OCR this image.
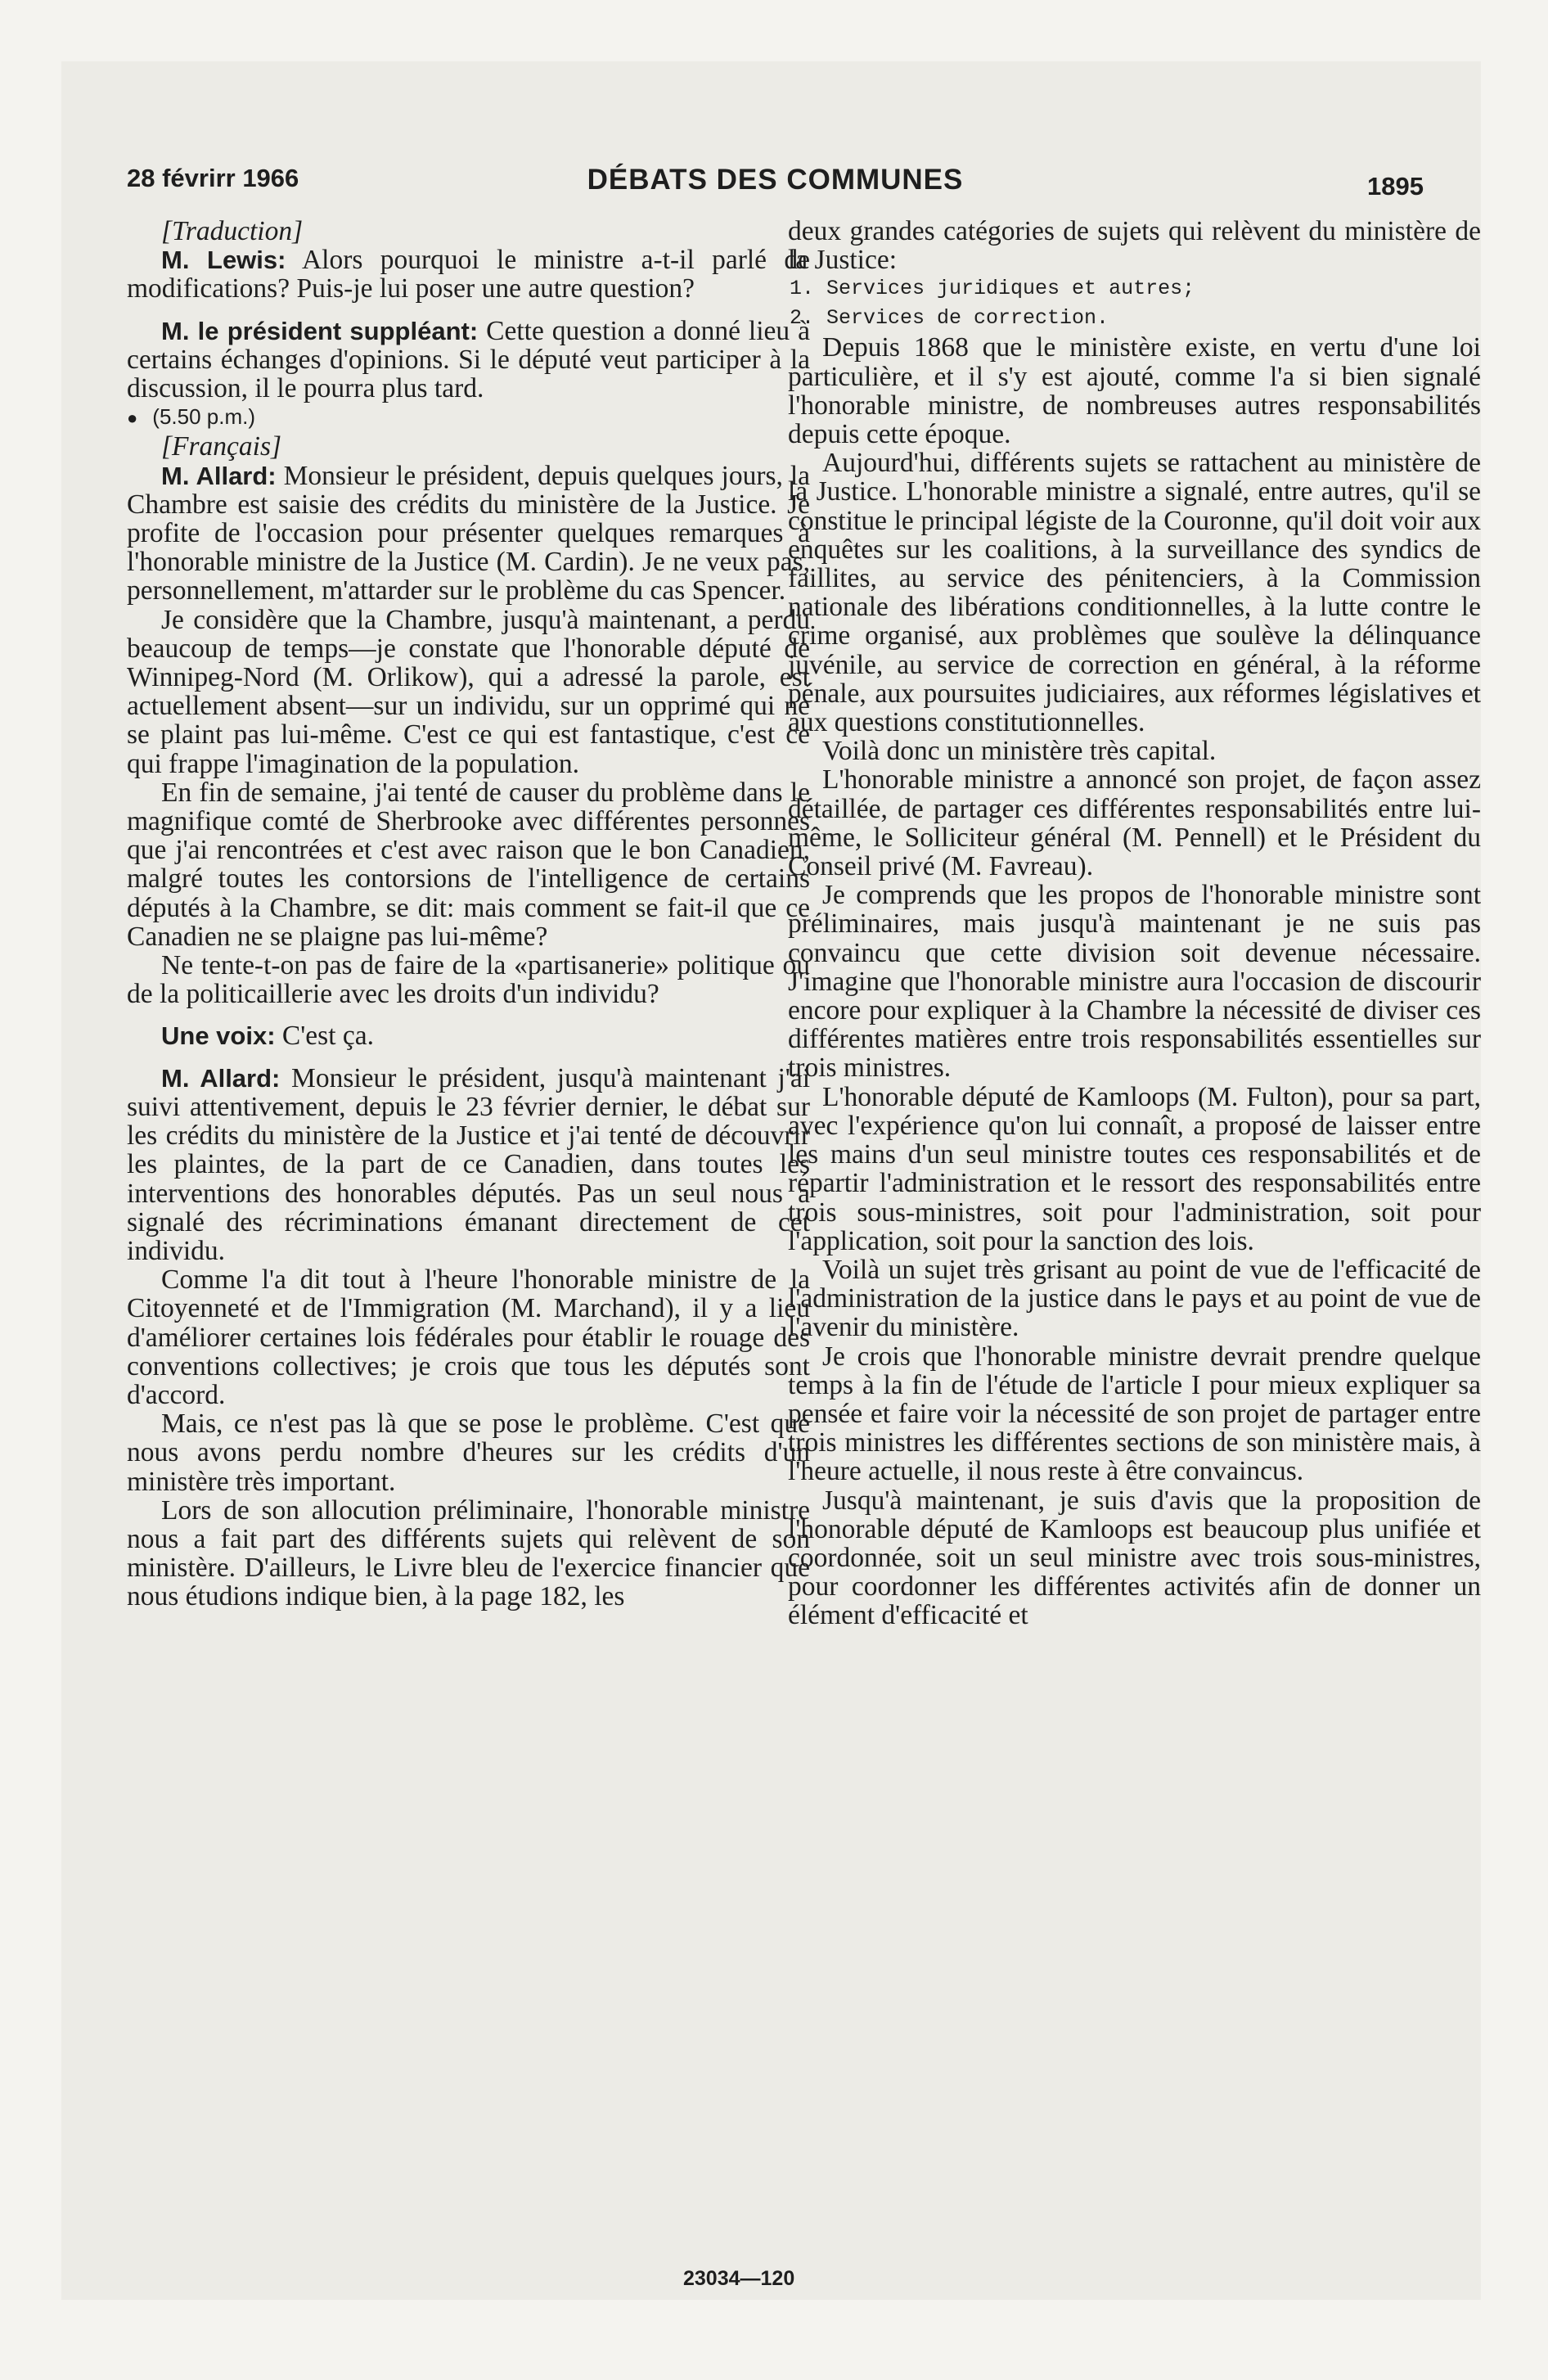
28 févrirr 1966	DÉBATS DES COMMUNES	1895

[Traduction]

M. Lewis: Alors pourquoi le ministre a-t-il parlé de modifications? Puis-je lui poser une autre question?

M. le président suppléant: Cette question a donné lieu à certains échanges d'opinions. Si le député veut participer à la discussion, il le pourra plus tard.

● (5.50 p.m.)

[Français]

M. Allard: Monsieur le président, depuis quelques jours, la Chambre est saisie des crédits du ministère de la Justice. Je profite de l'occasion pour présenter quelques remarques à l'honorable ministre de la Justice (M. Cardin). Je ne veux pas, personnellement, m'attarder sur le problème du cas Spencer.

Je considère que la Chambre, jusqu'à maintenant, a perdu beaucoup de temps—je constate que l'honorable député de Winnipeg-Nord (M. Orlikow), qui a adressé la parole, est actuellement absent—sur un individu, sur un opprimé qui ne se plaint pas lui-même. C'est ce qui est fantastique, c'est ce qui frappe l'imagination de la population.

En fin de semaine, j'ai tenté de causer du problème dans le magnifique comté de Sherbrooke avec différentes personnes que j'ai rencontrées et c'est avec raison que le bon Canadien, malgré toutes les contorsions de l'intelligence de certains députés à la Chambre, se dit: mais comment se fait-il que ce Canadien ne se plaigne pas lui-même?

Ne tente-t-on pas de faire de la «partisanerie» politique ou de la politicaillerie avec les droits d'un individu?

Une voix: C'est ça.

M. Allard: Monsieur le président, jusqu'à maintenant j'ai suivi attentivement, depuis le 23 février dernier, le débat sur les crédits du ministère de la Justice et j'ai tenté de découvrir les plaintes, de la part de ce Canadien, dans toutes les interventions des honorables députés. Pas un seul nous a signalé des récriminations émanant directement de cet individu.

Comme l'a dit tout à l'heure l'honorable ministre de la Citoyenneté et de l'Immigration (M. Marchand), il y a lieu d'améliorer certaines lois fédérales pour établir le rouage des conventions collectives; je crois que tous les députés sont d'accord.

Mais, ce n'est pas là que se pose le problème. C'est que nous avons perdu nombre d'heures sur les crédits d'un ministère très important.

Lors de son allocution préliminaire, l'honorable ministre nous a fait part des différents sujets qui relèvent de son ministère. D'ailleurs, le Livre bleu de l'exercice financier que nous étudions indique bien, à la page 182, les

deux grandes catégories de sujets qui relèvent du ministère de la Justice:

1. Services juridiques et autres;

2. Services de correction.

Depuis 1868 que le ministère existe, en vertu d'une loi particulière, et il s'y est ajouté, comme l'a si bien signalé l'honorable ministre, de nombreuses autres responsabilités depuis cette époque.

Aujourd'hui, différents sujets se rattachent au ministère de la Justice. L'honorable ministre a signalé, entre autres, qu'il se constitue le principal légiste de la Couronne, qu'il doit voir aux enquêtes sur les coalitions, à la surveillance des syndics de faillites, au service des pénitenciers, à la Commission nationale des libérations conditionnelles, à la lutte contre le crime organisé, aux problèmes que soulève la délinquance juvénile, au service de correction en général, à la réforme pénale, aux poursuites judiciaires, aux réformes législatives et aux questions constitutionnelles.

Voilà donc un ministère très capital.

L'honorable ministre a annoncé son projet, de façon assez détaillée, de partager ces différentes responsabilités entre lui-même, le Solliciteur général (M. Pennell) et le Président du Conseil privé (M. Favreau).

Je comprends que les propos de l'honorable ministre sont préliminaires, mais jusqu'à maintenant je ne suis pas convaincu que cette division soit devenue nécessaire. J'imagine que l'honorable ministre aura l'occasion de discourir encore pour expliquer à la Chambre la nécessité de diviser ces différentes matières entre trois responsabilités essentielles sur trois ministres.

L'honorable député de Kamloops (M. Fulton), pour sa part, avec l'expérience qu'on lui connaît, a proposé de laisser entre les mains d'un seul ministre toutes ces responsabilités et de répartir l'administration et le ressort des responsabilités entre trois sous-ministres, soit pour l'administration, soit pour l'application, soit pour la sanction des lois.

Voilà un sujet très grisant au point de vue de l'efficacité de l'administration de la justice dans le pays et au point de vue de l'avenir du ministère.

Je crois que l'honorable ministre devrait prendre quelque temps à la fin de l'étude de l'article I pour mieux expliquer sa pensée et faire voir la nécessité de son projet de partager entre trois ministres les différentes sections de son ministère mais, à l'heure actuelle, il nous reste à être convaincus.

Jusqu'à maintenant, je suis d'avis que la proposition de l'honorable député de Kamloops est beaucoup plus unifiée et coordonnée, soit un seul ministre avec trois sous-ministres, pour coordonner les différentes activités afin de donner un élément d'efficacité et

23034—120
